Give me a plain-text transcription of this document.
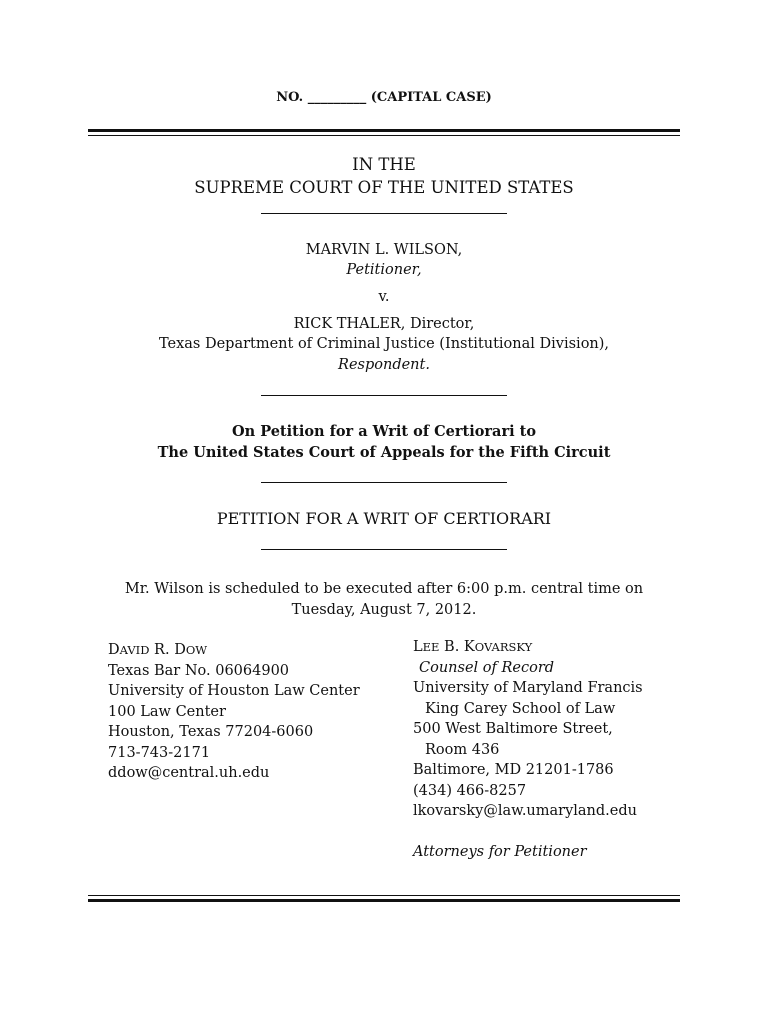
NO. _________ (CAPITAL CASE)
IN THE
SUPREME COURT OF THE UNITED STATES
MARVIN L. WILSON,
Petitioner,
v.
RICK THALER, Director,
Texas Department of Criminal Justice (Institutional Division),
Respondent.
On Petition for a Writ of Certiorari to
The United States Court of Appeals for the Fifth Circuit
PETITION FOR A WRIT OF CERTIORARI
Mr. Wilson is scheduled to be executed after 6:00 p.m. central time on
Tuesday, August 7, 2012.
DAVID R. DOW
Texas Bar No. 06064900
University of Houston Law Center
100 Law Center
Houston, Texas 77204-6060
713-743-2171
ddow@central.uh.edu
LEE B. KOVARSKY
Counsel of Record
University of Maryland Francis
King Carey School of Law
500 West Baltimore Street,
Room 436
Baltimore, MD 21201-1786
(434) 466-8257
lkovarsky@law.umaryland.edu
Attorneys for Petitioner
